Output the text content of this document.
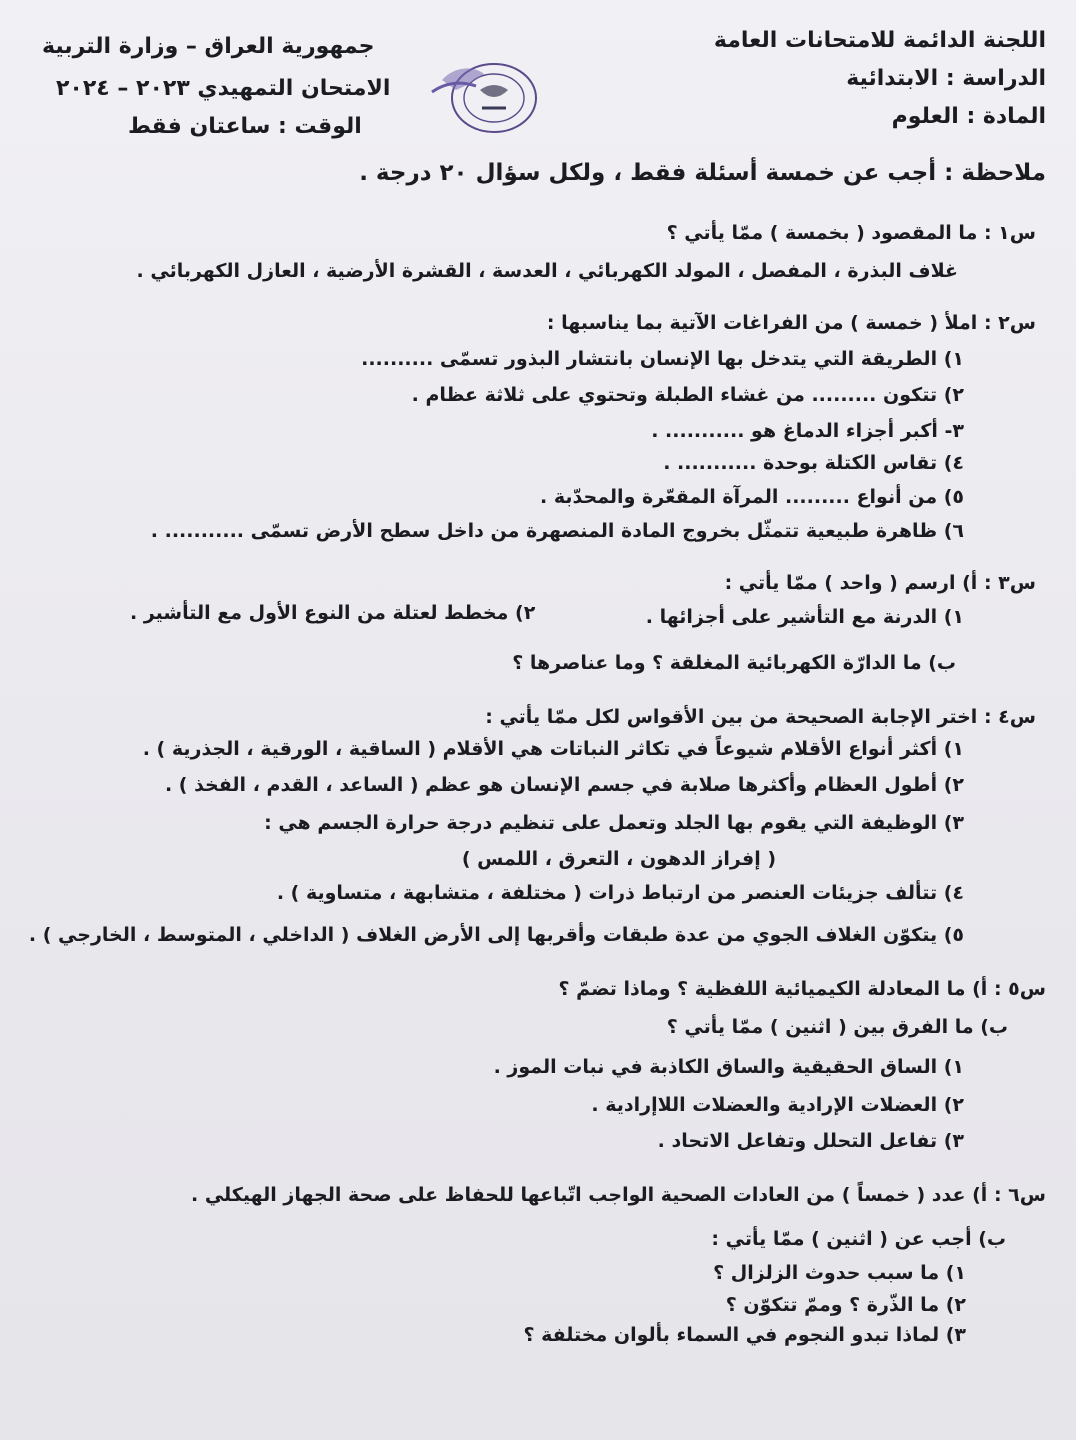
اللجنة الدائمة للامتحانات العامة
الدراسة : الابتدائية
المادة : العلوم
جمهورية العراق – وزارة التربية
الامتحان التمهيدي ٢٠٢٣ – ٢٠٢٤
الوقت : ساعتان فقط
ملاحظة : أجب عن خمسة أسئلة فقط ، ولكل سؤال ٢٠ درجة .
س١ : ما المقصود ( بخمسة ) ممّا يأتي ؟
غلاف البذرة ، المفصل ، المولد الكهربائي ، العدسة ، القشرة الأرضية ، العازل الكهربائي .
س٢ : املأ ( خمسة ) من الفراغات الآتية بما يناسبها :
١) الطريقة التي يتدخل بها الإنسان بانتشار البذور تسمّى ..........
٢) تتكون ......... من غشاء الطبلة وتحتوي على ثلاثة عظام .
٣- أكبر أجزاء الدماغ هو ........... .
٤) تقاس الكتلة بوحدة ........... .
٥) من أنواع ......... المرآة المقعّرة والمحدّبة .
٦) ظاهرة طبيعية تتمثّل بخروج المادة المنصهرة من داخل سطح الأرض تسمّى ........... .
س٣ : أ) ارسم ( واحد ) ممّا يأتي :
١) الدرنة مع التأشير على أجزائها .
٢) مخطط لعتلة من النوع الأول مع التأشير .
ب) ما الدارّة الكهربائية المغلقة ؟ وما عناصرها ؟
س٤ : اختر الإجابة الصحيحة من بين الأقواس لكل ممّا يأتي :
١) أكثر أنواع الأقلام شيوعاً في تكاثر النباتات هي الأقلام ( الساقية ، الورقية ، الجذرية ) .
٢) أطول العظام وأكثرها صلابة في جسم الإنسان هو عظم ( الساعد ، القدم ، الفخذ ) .
٣) الوظيفة التي يقوم بها الجلد وتعمل على تنظيم درجة حرارة الجسم هي :
( إفراز الدهون ، التعرق ، اللمس )
٤) تتألف جزيئات العنصر من ارتباط ذرات ( مختلفة ، متشابهة ، متساوية ) .
٥) يتكوّن الغلاف الجوي من عدة طبقات وأقربها إلى الأرض الغلاف ( الداخلي ، المتوسط ، الخارجي ) .
س٥ : أ) ما المعادلة الكيميائية اللفظية ؟ وماذا تضمّ ؟
ب) ما الفرق بين ( اثنين ) ممّا يأتي ؟
١) الساق الحقيقية والساق الكاذبة في نبات الموز .
٢) العضلات الإرادية والعضلات اللاإرادية .
٣) تفاعل التحلل وتفاعل الاتحاد .
س٦ : أ) عدد ( خمساً ) من العادات الصحية الواجب اتّباعها للحفاظ على صحة الجهاز الهيكلي .
ب) أجب عن ( اثنين ) ممّا يأتي :
١) ما سبب حدوث الزلزال ؟
٢) ما الذّرة ؟ وممّ تتكوّن ؟
٣) لماذا تبدو النجوم في السماء بألوان مختلفة ؟
